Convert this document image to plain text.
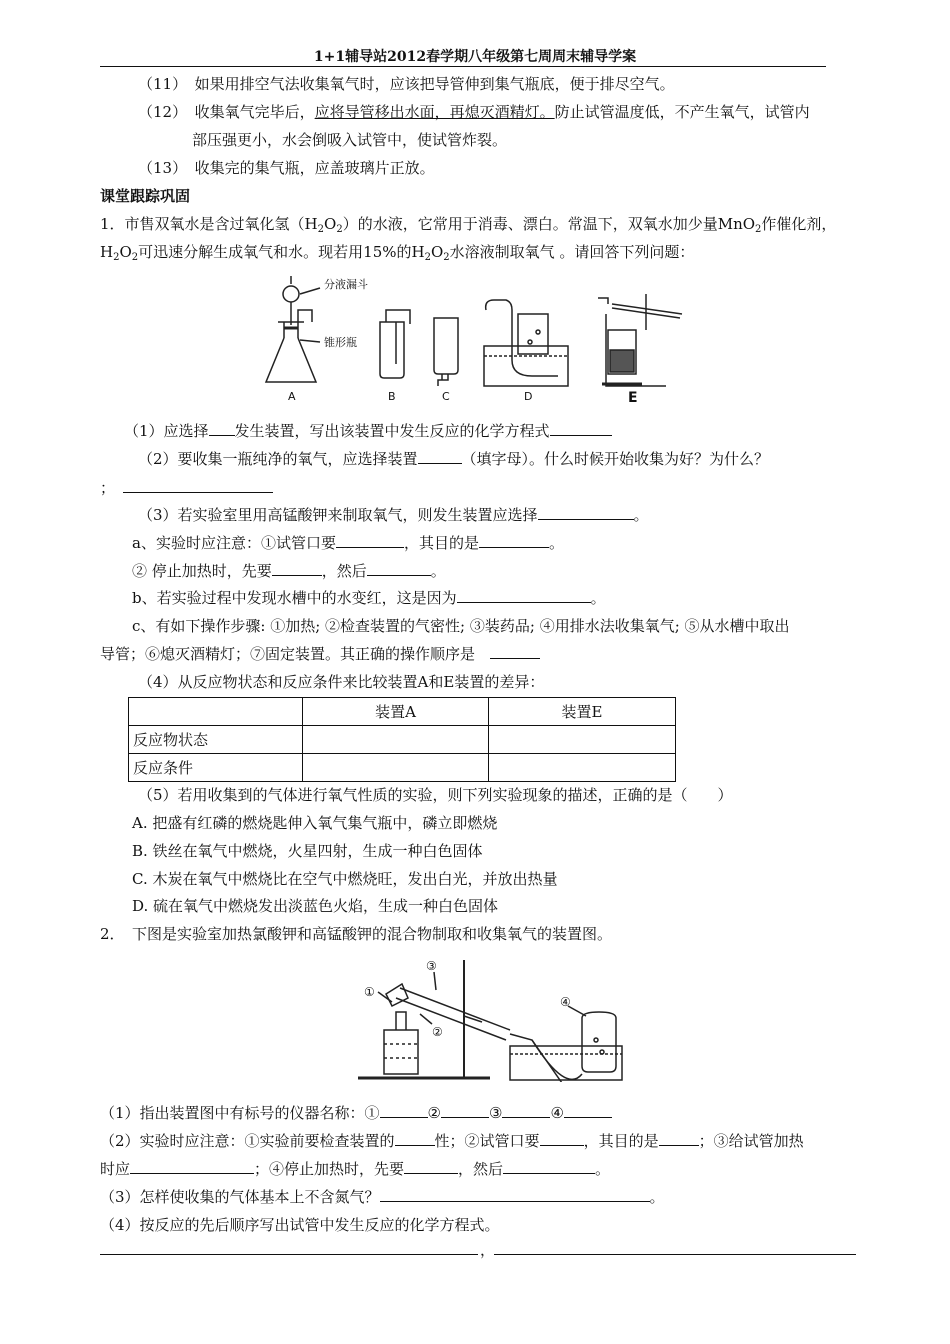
1+1辅导站2012春学期八年级第七周周末辅导学案
（11）　如果用排空气法收集氧气时，应该把导管伸到集气瓶底，便于排尽空气。
（12）　 收集氧气完毕后，应将导管移出水面，再熄灭酒精灯。防止试管温度低，不产生氧气，试管内
部压强更小，水会倒吸入试管中，使试管炸裂。
（13）　收集完的集气瓶，应盖玻璃片正放。
课堂跟踪巩固
1．市售双氧水是含过氧化氢$(H_2O_2)$的水液，它常用于消毒、漂白。常温下，双氧水加少量MnO$_2$作催化剂，
$H_2O_2$可迅速分解生成氧气和水。现若用15%的$H_2O_2$水溶液制取氧气 。请回答下列问题：
分液漏斗
锥形瓶
A	B	C	D	E
（1）应选择 发生装置，写出该装置中发生反应的化学方程式
（2）要收集一瓶纯净的氧气，应选择装置	（填字母）。什么时候开始收集为好？为什么？
；　
（3）若实验室里用高锰酸钾来制取氧气，则发生装置应选择	。
a、实验时应注意：①试管口要	，其目的是	。
② 停止加热时，先要	，然后	。
b、若实验过程中发现水槽中的水变红，这是因为	。
c、有如下操作步骤: ①加热; ②检查装置的气密性; ③装药品; ④用排水法收集氧气; ⑤从水槽中取出
导管；⑥熄灭酒精灯；⑦固定装置。其正确的操作顺序是　
（4）从反应物状态和反应条件来比较装置A和E装置的差异：
	装置A	装置E
反应物状态		
反应条件		
（5）若用收集到的气体进行氧气性质的实验，则下列实验现象的描述，正确的是（　　）
A. 把盛有红磷的燃烧匙伸入氧气集气瓶中，磷立即燃烧
B. 铁丝在氧气中燃烧，火星四射，生成一种白色固体
C. 木炭在氧气中燃烧比在空气中燃烧旺，发出白光，并放出热量
D. 硫在氧气中燃烧发出淡蓝色火焰，生成一种白色固体
2．　下图是实验室加热氯酸钾和高锰酸钾的混合物制取和收集氧气的装置图。
①
②
③
④
（1）指出装置图中有标号的仪器名称：①	②	③	④
（2）实验时应注意：①实验前要检查装置的	性；②试管口要	，其目的是	；③给试管加热
时应	；④停止加热时，先要	，然后	。
（3）怎样使收集的气体基本上不含氮气？	。
（4）按反应的先后顺序写出试管中发生反应的化学方程式。
，
